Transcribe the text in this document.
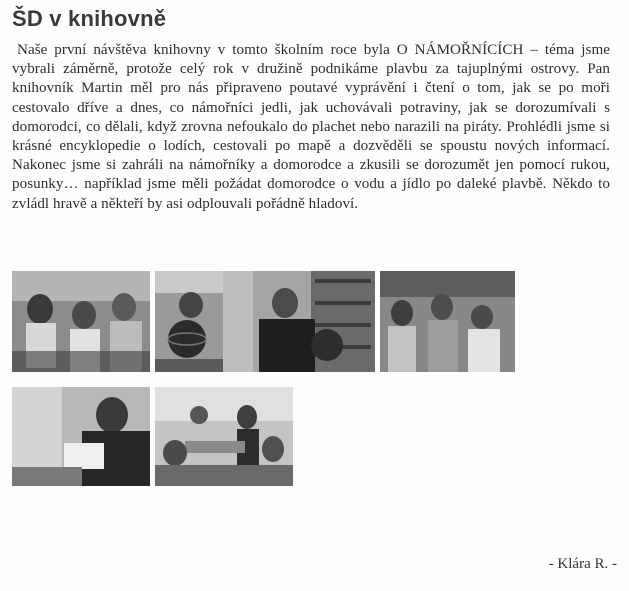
ŠD v knihovně

Naše první návštěva knihovny v tomto školním roce byla O NÁMOŘNÍCÍCH – téma jsme vybrali záměrně, protože celý rok v družině podnikáme plavbu za tajuplnými ostrovy. Pan knihovník Martin měl pro nás připraveno poutavé vyprávění i čtení o tom, jak se po moři cestovalo dříve a dnes, co námořníci jedli, jak uchovávali potraviny, jak se dorozumívali s domorodci, co dělali, když zrovna nefoukalo do plachet nebo narazili na piráty. Prohlédli jsme si krásné encyklopedie o lodích, cestovali po mapě a dozvěděli se spoustu nových informací. Nakonec jsme si zahráli na námořníky a domorodce a zkusili se dorozumět jen pomocí rukou, posunky… například jsme měli požádat domorodce o vodu a jídlo po daleké plavbě. Někdo to zvládl hravě a někteří by asi odplouvali pořádně hladoví.

- Klára R. -
